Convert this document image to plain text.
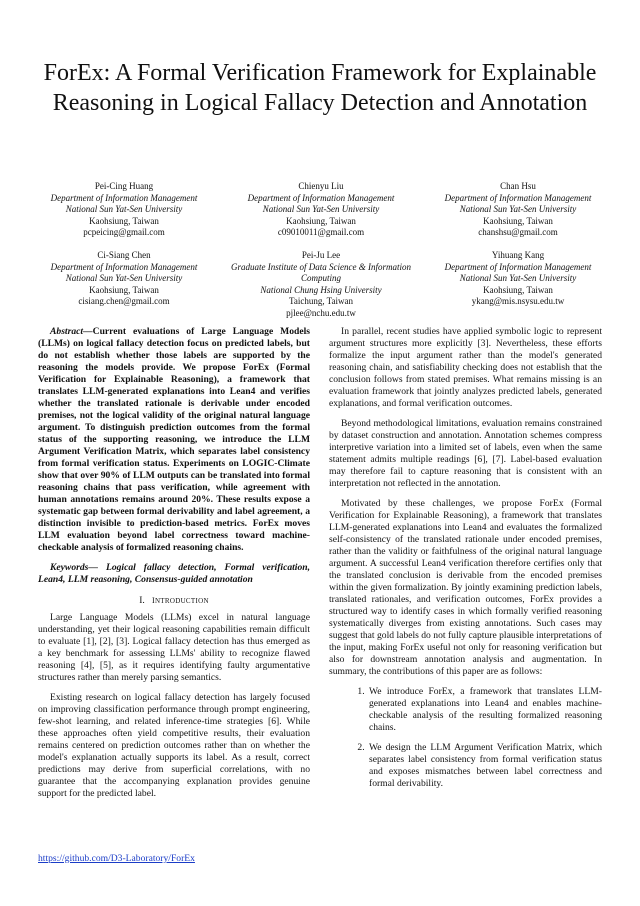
ForEx: A Formal Verification Framework for Explainable Reasoning in Logical Fallacy Detection and Annotation
Pei-Cing Huang
Department of Information Management
National Sun Yat-Sen University
Kaohsiung, Taiwan
pcpeicing@gmail.com
Chienyu Liu
Department of Information Management
National Sun Yat-Sen University
Kaohsiung, Taiwan
c09010011@gmail.com
Chan Hsu
Department of Information Management
National Sun Yat-Sen University
Kaohsiung, Taiwan
chanshsu@gmail.com
Ci-Siang Chen
Department of Information Management
National Sun Yat-Sen University
Kaohsiung, Taiwan
cisiang.chen@gmail.com
Pei-Ju Lee
Graduate Institute of Data Science & Information Computing
National Chung Hsing University
Taichung, Taiwan
pjlee@nchu.edu.tw
Yihuang Kang
Department of Information Management
National Sun Yat-Sen University
Kaohsiung, Taiwan
ykang@mis.nsysu.edu.tw

Abstract—Current evaluations of Large Language Models (LLMs) on logical fallacy detection focus on predicted labels, but do not establish whether those labels are supported by the reasoning the models provide. We propose ForEx (Formal Verification for Explainable Reasoning), a framework that translates LLM-generated explanations into Lean4 and verifies whether the translated rationale is derivable under encoded premises, not the logical validity of the original natural language argument. To distinguish prediction outcomes from the formal status of the supporting reasoning, we introduce the LLM Argument Verification Matrix, which separates label consistency from formal verification status. Experiments on LOGIC-Climate show that over 90% of LLM outputs can be translated into formal reasoning chains that pass verification, while agreement with human annotations remains around 20%. These results expose a systematic gap between formal derivability and label agreement, a distinction invisible to prediction-based metrics. ForEx moves LLM evaluation beyond label correctness toward machine-checkable analysis of formalized reasoning chains.

Keywords— Logical fallacy detection, Formal verification, Lean4, LLM reasoning, Consensus-guided annotation

I. INTRODUCTION

Large Language Models (LLMs) excel in natural language understanding, yet their logical reasoning capabilities remain difficult to evaluate [1], [2], [3]. Logical fallacy detection has thus emerged as a key benchmark for assessing LLMs' ability to recognize flawed reasoning [4], [5], as it requires identifying faulty argumentative structures rather than merely parsing semantics.

Existing research on logical fallacy detection has largely focused on improving classification performance through prompt engineering, few-shot learning, and related inference-time strategies [6]. While these approaches often yield competitive results, their evaluation remains centered on prediction outcomes rather than on whether the model's explanation actually supports its label. As a result, correct predictions may derive from superficial correlations, with no guarantee that the accompanying explanation provides genuine support for the predicted label.

In parallel, recent studies have applied symbolic logic to represent argument structures more explicitly [3]. Nevertheless, these efforts formalize the input argument rather than the model's generated reasoning chain, and satisfiability checking does not establish that the conclusion follows from stated premises. What remains missing is an evaluation framework that jointly analyzes predicted labels, generated explanations, and formal verification outcomes.

Beyond methodological limitations, evaluation remains constrained by dataset construction and annotation. Annotation schemes compress interpretive variation into a limited set of labels, even when the same statement admits multiple readings [6], [7]. Label-based evaluation may therefore fail to capture reasoning that is consistent with an interpretation not reflected in the annotation.

Motivated by these challenges, we propose ForEx (Formal Verification for Explainable Reasoning), a framework that translates LLM-generated explanations into Lean4 and evaluates the formalized self-consistency of the translated rationale under encoded premises, rather than the validity or faithfulness of the original natural language argument. A successful Lean4 verification therefore certifies only that the translated conclusion is derivable from the encoded premises within the given formalization. By jointly examining prediction labels, translated rationales, and verification outcomes, ForEx provides a structured way to identify cases in which formally verified reasoning systematically diverges from existing annotations. Such cases may suggest that gold labels do not fully capture plausible interpretations of the input, making ForEx useful not only for reasoning verification but also for downstream annotation analysis and augmentation. In summary, the contributions of this paper are as follows:

1. We introduce ForEx, a framework that translates LLM-generated explanations into Lean4 and enables machine-checkable analysis of the resulting formalized reasoning chains.
2. We design the LLM Argument Verification Matrix, which separates label consistency from formal verification status and exposes mismatches between label correctness and formal derivability.
https://github.com/D3-Laboratory/ForEx
